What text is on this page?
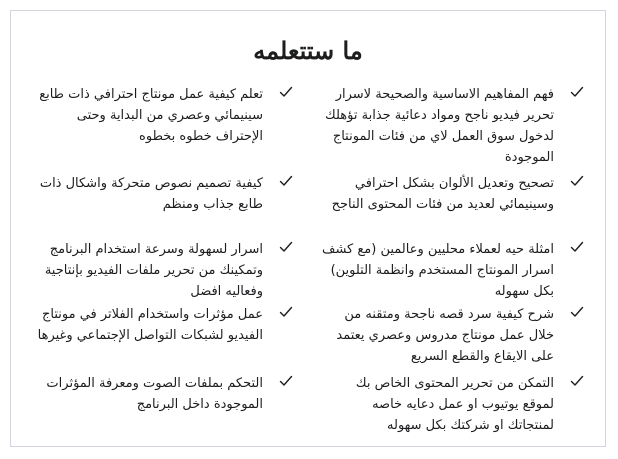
ما ستتعلمه
فهم المفاهيم الاساسية والصحيحة لاسرار تحرير فيديو ناجح ومواد دعائية جذابة تؤهلك لدخول سوق العمل لاي من فئات المونتاج الموجودة
تصحيح وتعديل الألوان بشكل احترافي وسينيمائي لعديد من فئات المحتوى الناجح
امثلة حيه لعملاء محليين وعالمين (مع كشف اسرار المونتاج المستخدم وانظمة التلوين) بكل سهوله
شرح كيفية سرد قصه ناجحة ومتقنه من خلال عمل مونتاج مدروس وعصري يعتمد على الايقاع والقطع السريع
التمكن من تحرير المحتوى الخاص بك لموقع يوتيوب او عمل دعايه خاصه لمنتجاتك او شركتك بكل سهوله
تعلم كيفية عمل مونتاج احترافي ذات طابع سينيمائي وعصري من البداية وحتى الإحتراف خطوه بخطوه
كيفية تصميم نصوص متحركة واشكال ذات طابع جذاب ومنظم
اسرار لسهولة وسرعة استخدام البرنامج وتمكينك من تحرير ملفات الفيديو بإنتاجية وفعاليه افضل
عمل مؤثرات واستخدام الفلاتر في مونتاج الفيديو لشبكات التواصل الإجتماعي وغيرها
التحكم بملفات الصوت ومعرفة المؤثرات الموجودة داخل البرنامج
